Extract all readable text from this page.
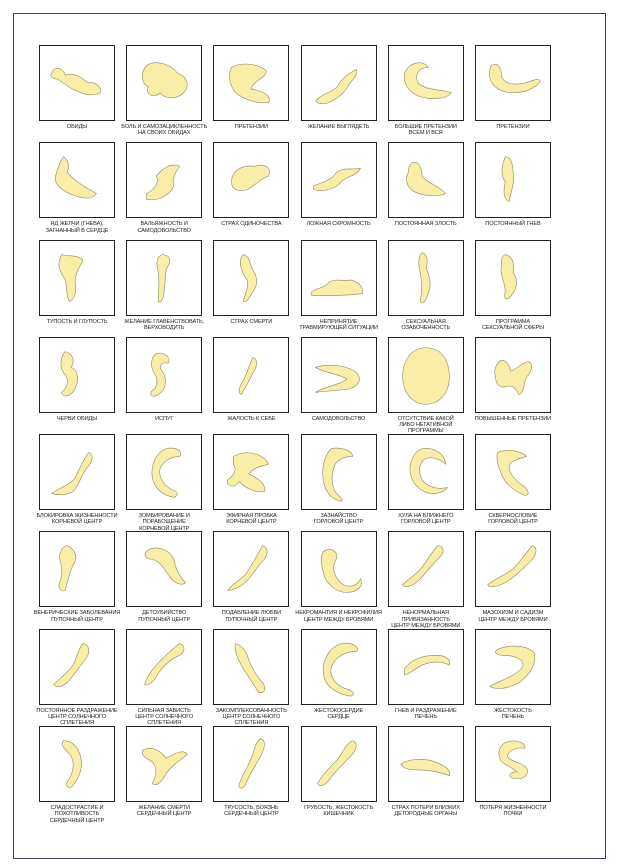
ОБИДЫ	БОЛЬ И САМОЗАЦИКЛЕННОСТЬ
НА СВОИХ ОБИДАХ
ПРЕТЕНЗИИ	ЖЕЛАНИЕ ВЫГЛЯДЕТЬ	БОЛЬШИЕ ПРЕТЕНЗИИ
ВСЕМ И ВСЯ
ПРЕТЕНЗИИ
ЯД ЖЕЛЧИ (ГНЕВА),
ЗАГНАННЫЙ В СЕРДЦЕ
ВАЛЬЯЖНОСТЬ И
САМОДОВОЛЬСТВО
СТРАХ ОДИНОЧЕСТВА	ЛОЖНАЯ СКРОМНОСТЬ	ПОСТОЯННАЯ ЗЛОСТЬ	ПОСТОЯННЫЙ ГНЕВ
ТУПОСТЬ И ГЛУПОСТЬ	ЖЕЛАНИЕ ГЛАВЕНСТВОВАТЬ,
ВЕРХОВОДИТЬ
СТРАХ СМЕРТИ	НЕПРИНЯТИЕ
ТРАВМИРУЮЩЕЙ СИТУАЦИИ
СЕКСУАЛЬНАЯ
ОЗАБОЧЕННОСТЬ
ПРОГРАММА
СЕКСУАЛЬНОЙ СФЕРЫ
ЧЕРВИ ОБИДЫ	ИСПУГ	ЖАЛОСТЬ К СЕБЕ	САМОДОВОЛЬСТВО	ОТСУТСТВИЕ КАКОЙ
ЛИБО НЕГАТИВНОЙ ПРОГРАММЫ
ПОВЫШЕННЫЕ ПРЕТЕНЗИИ
БЛОКИРОВКА ЖИЗНЕННОСТИ
КОРНЕВОЙ ЦЕНТР
ЗОМБИРОВАНИЕ И ПОРАБОЩЕНИЕ
КОРНЕВОЙ ЦЕНТР
ЭФИРНАЯ ПРОБКА
КОРНЕВОЙ ЦЕНТР
ЗАЗНАЙСТВО
ГОРЛОВОЙ ЦЕНТР
ХУЛА НА БЛИЖНЕГО
ГОРЛОВОЙ ЦЕНТР
СКВЕРНОСЛОВИЕ
ГОРЛОВОЙ ЦЕНТР
ВЕНЕРИЧЕСКИЕ ЗАБОЛЕВАНИЯ
ПУПОЧНЫЙ ЦЕНТР
ДЕТОУБИЙСТВО
ПУПОЧНЫЙ ЦЕНТР
ПОДАВЛЕНИЕ ЛЮБВИ
ПУПОЧНЫЙ ЦЕНТР
НЕКРОМАНТИЯ И НЕКРОФИЛИЯ
ЦЕНТР МЕЖДУ БРОВЯМИ
НЕНОРМАЛЬНАЯ ПРИВЯЗАННОСТЬ
ЦЕНТР МЕЖДУ БРОВЯМИ
МАЗОХИЗМ И САДИЗМ
ЦЕНТР МЕЖДУ БРОВЯМИ
ПОСТОЯННОЕ РАЗДРАЖЕНИЕ
ЦЕНТР СОЛНЕЧНОГО СПЛЕТЕНИЯ
СИЛЬНАЯ ЗАВИСТЬ
ЦЕНТР СОЛНЕЧНОГО СПЛЕТЕНИЯ
ЗАКОМПЛЕКСОВАННОСТЬ
ЦЕНТР СОЛНЕЧНОГО СПЛЕТЕНИЯ
ЖЕСТОКОСЕРДИЕ
СЕРДЦЕ
ГНЕВ И РАЗДРАЖЕНИЕ
ПЕЧЕНЬ
ЖЕСТОКОСТЬ
ПЕЧЕНЬ
СЛАДОСТРАСТИЕ И ПОХОТЛИВОСТЬ
СЕРДЕЧНЫЙ ЦЕНТР
ЖЕЛАНИЕ СМЕРТИ
СЕРДЕЧНЫЙ ЦЕНТР
ТРУСОСТЬ, БОЯЗНЬ
СЕРДЕЧНЫЙ ЦЕНТР
ГРУБОСТЬ, ЖЕСТОКОСТЬ
КИШЕЧНИК
СТРАХ ПОТЕРИ БЛИЗКИХ
ДЕТОРОДНЫЕ ОРГАНЫ
ПОТЕРЯ ЖИЗНЕННОСТИ
ПОЧКИ
